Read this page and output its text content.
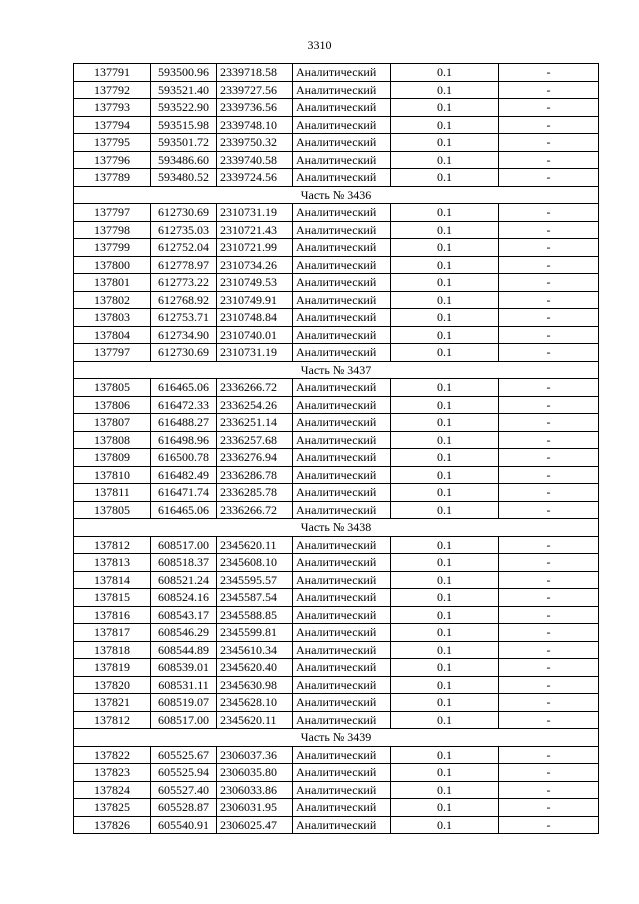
3310
137791	593500.96	2339718.58	Аналитический	0.1	-
137792	593521.40	2339727.56	Аналитический	0.1	-
137793	593522.90	2339736.56	Аналитический	0.1	-
137794	593515.98	2339748.10	Аналитический	0.1	-
137795	593501.72	2339750.32	Аналитический	0.1	-
137796	593486.60	2339740.58	Аналитический	0.1	-
137789	593480.52	2339724.56	Аналитический	0.1	-
Часть № 3436					
137797	612730.69	2310731.19	Аналитический	0.1	-
137798	612735.03	2310721.43	Аналитический	0.1	-
137799	612752.04	2310721.99	Аналитический	0.1	-
137800	612778.97	2310734.26	Аналитический	0.1	-
137801	612773.22	2310749.53	Аналитический	0.1	-
137802	612768.92	2310749.91	Аналитический	0.1	-
137803	612753.71	2310748.84	Аналитический	0.1	-
137804	612734.90	2310740.01	Аналитический	0.1	-
137797	612730.69	2310731.19	Аналитический	0.1	-
Часть № 3437					
137805	616465.06	2336266.72	Аналитический	0.1	-
137806	616472.33	2336254.26	Аналитический	0.1	-
137807	616488.27	2336251.14	Аналитический	0.1	-
137808	616498.96	2336257.68	Аналитический	0.1	-
137809	616500.78	2336276.94	Аналитический	0.1	-
137810	616482.49	2336286.78	Аналитический	0.1	-
137811	616471.74	2336285.78	Аналитический	0.1	-
137805	616465.06	2336266.72	Аналитический	0.1	-
Часть № 3438					
137812	608517.00	2345620.11	Аналитический	0.1	-
137813	608518.37	2345608.10	Аналитический	0.1	-
137814	608521.24	2345595.57	Аналитический	0.1	-
137815	608524.16	2345587.54	Аналитический	0.1	-
137816	608543.17	2345588.85	Аналитический	0.1	-
137817	608546.29	2345599.81	Аналитический	0.1	-
137818	608544.89	2345610.34	Аналитический	0.1	-
137819	608539.01	2345620.40	Аналитический	0.1	-
137820	608531.11	2345630.98	Аналитический	0.1	-
137821	608519.07	2345628.10	Аналитический	0.1	-
137812	608517.00	2345620.11	Аналитический	0.1	-
Часть № 3439					
137822	605525.67	2306037.36	Аналитический	0.1	-
137823	605525.94	2306035.80	Аналитический	0.1	-
137824	605527.40	2306033.86	Аналитический	0.1	-
137825	605528.87	2306031.95	Аналитический	0.1	-
137826	605540.91	2306025.47	Аналитический	0.1	-
